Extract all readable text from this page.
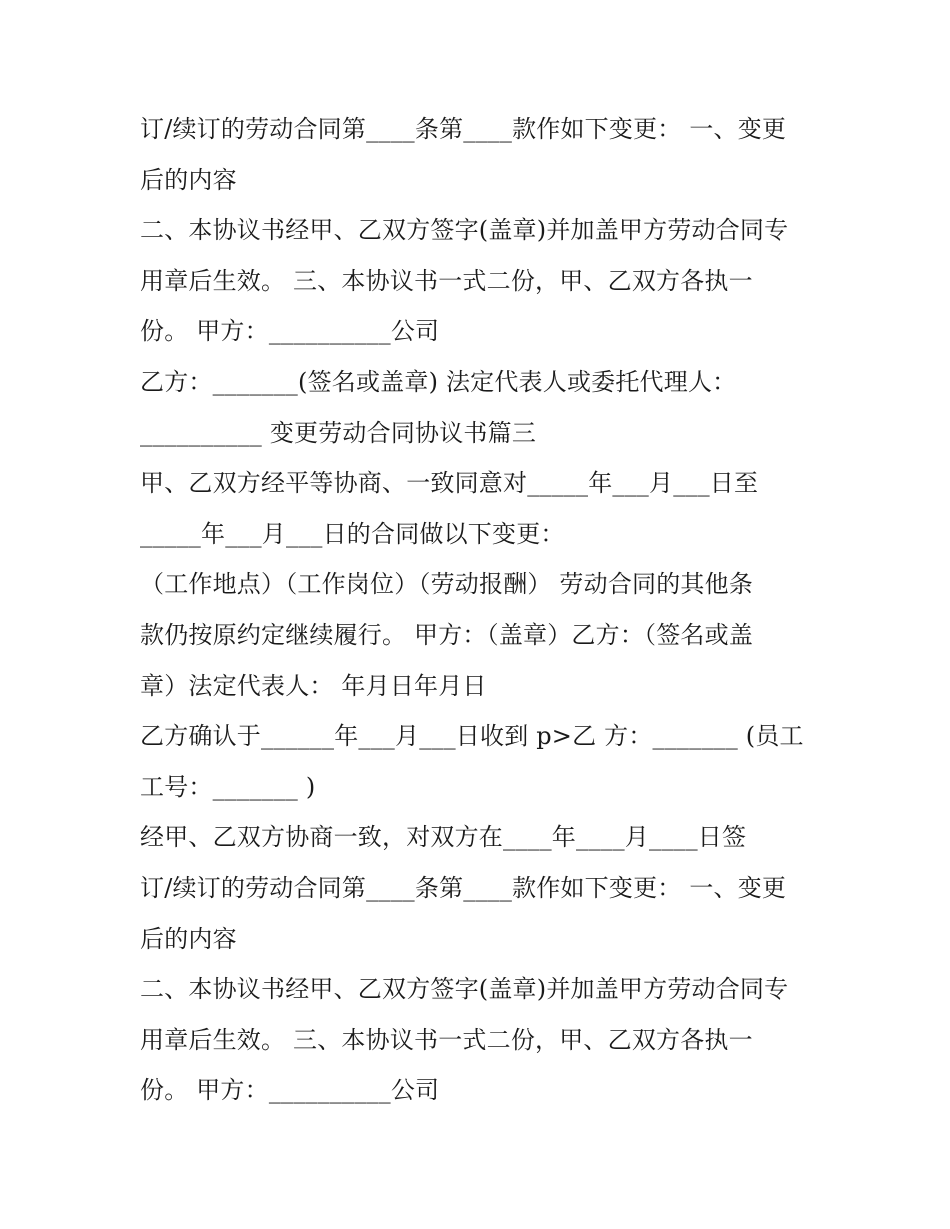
订/续订的劳动合同第____条第____款作如下变更： 一、变更
后的内容
二、本协议书经甲、乙双方签字(盖章)并加盖甲方劳动合同专
用章后生效。 三、本协议书一式二份，甲、乙双方各执一
份。 甲方：__________公司
乙方：_______(签名或盖章) 法定代表人或委托代理人：
__________ 变更劳动合同协议书篇三
甲、乙双方经平等协商、一致同意对_____年___月___日至
_____年___月___日的合同做以下变更：
（工作地点）（工作岗位）（劳动报酬） 劳动合同的其他条
款仍按原约定继续履行。 甲方：（盖章）乙方：（签名或盖
章）法定代表人： 年月日年月日
乙方确认于______年___月___日收到 p>乙 方：_______ (员工
工号：_______ )
经甲、乙双方协商一致，对双方在____年____月____日签
订/续订的劳动合同第____条第____款作如下变更： 一、变更
后的内容
二、本协议书经甲、乙双方签字(盖章)并加盖甲方劳动合同专
用章后生效。 三、本协议书一式二份，甲、乙双方各执一
份。 甲方：__________公司
